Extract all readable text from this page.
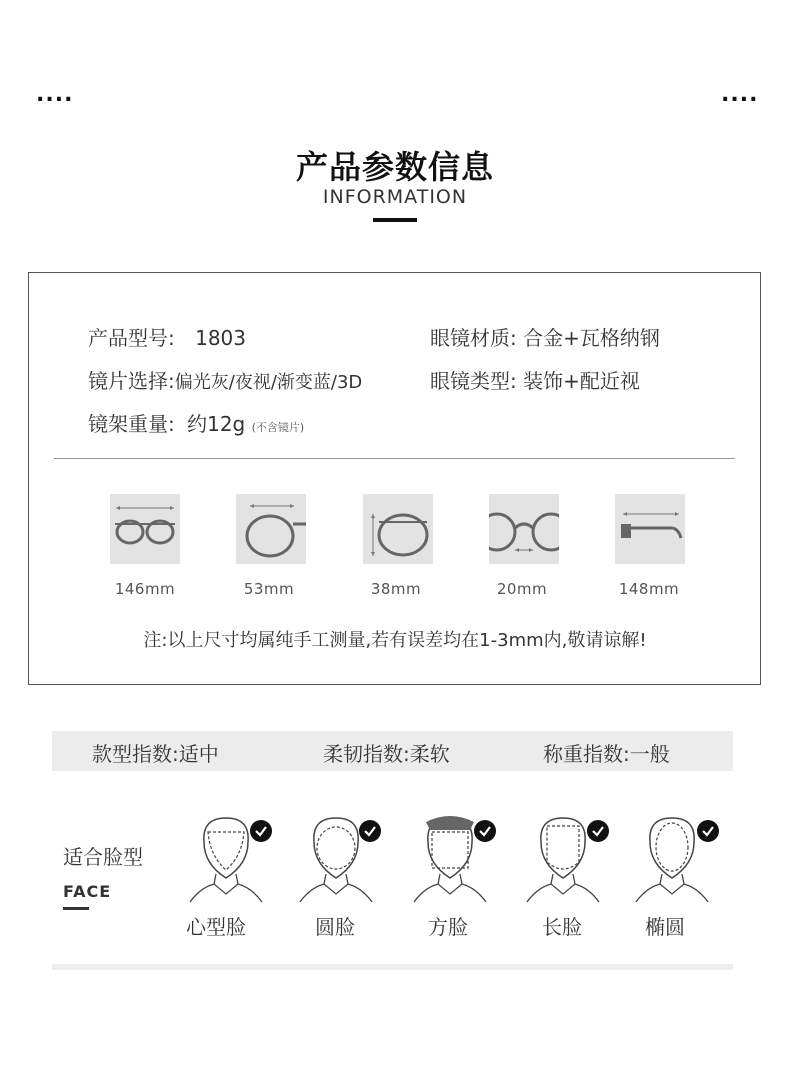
....	....
产品参数信息
INFORMATION
产品型号: 1803	眼镜材质: 合金+瓦格纳钢
镜片选择:偏光灰/夜视/渐变蓝/3D	眼镜类型: 装饰+配近视
镜架重量: 约12g (不含镜片)
146mm	53mm	38mm	20mm	148mm
注:以上尺寸均属纯手工测量,若有误差均在1-3mm内,敬请谅解!
款型指数:适中	柔韧指数:柔软	称重指数:一般
适合脸型
FACE
心型脸	圆脸	方脸	长脸	椭圆
